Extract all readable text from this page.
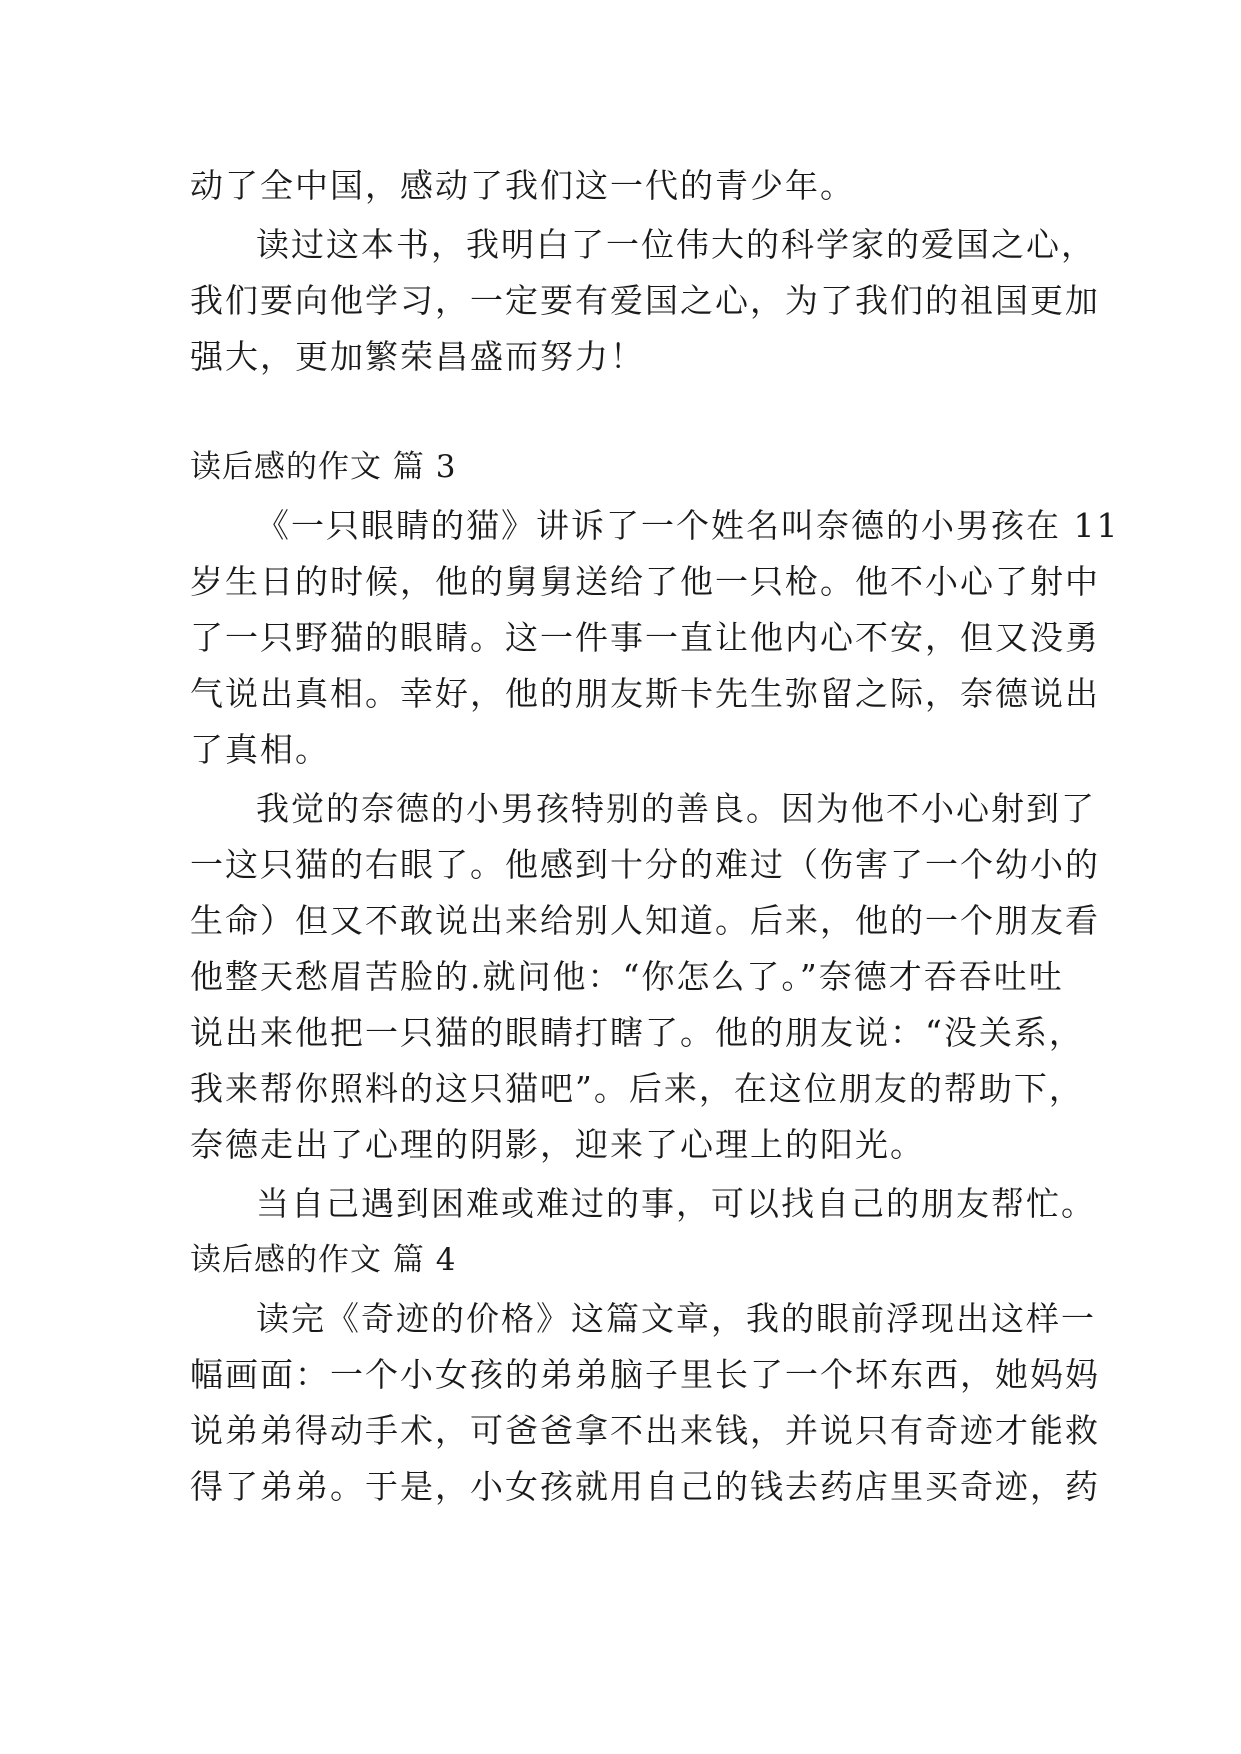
动了全中国，感动了我们这一代的青少年。
读过这本书，我明白了一位伟大的科学家的爱国之心，
我们要向他学习，一定要有爱国之心，为了我们的祖国更加
强大，更加繁荣昌盛而努力！
读后感的作文 篇 3
《一只眼睛的猫》讲诉了一个姓名叫奈德的小男孩在 11
岁生日的时候，他的舅舅送给了他一只枪。他不小心了射中
了一只野猫的眼睛。这一件事一直让他内心不安，但又没勇
气说出真相。幸好，他的朋友斯卡先生弥留之际，奈德说出
了真相。
我觉的奈德的小男孩特别的善良。因为他不小心射到了
一这只猫的右眼了。他感到十分的难过（伤害了一个幼小的
生命）但又不敢说出来给别人知道。后来，他的一个朋友看
他整天愁眉苦脸的.就问他：“你怎么了。”奈德才吞吞吐吐
说出来他把一只猫的眼睛打瞎了。他的朋友说：“没关系，
我来帮你照料的这只猫吧”。后来，在这位朋友的帮助下，
奈德走出了心理的阴影，迎来了心理上的阳光。
当自己遇到困难或难过的事，可以找自己的朋友帮忙。
读后感的作文 篇 4
读完《奇迹的价格》这篇文章，我的眼前浮现出这样一
幅画面：一个小女孩的弟弟脑子里长了一个坏东西，她妈妈
说弟弟得动手术，可爸爸拿不出来钱，并说只有奇迹才能救
得了弟弟。于是，小女孩就用自己的钱去药店里买奇迹，药
